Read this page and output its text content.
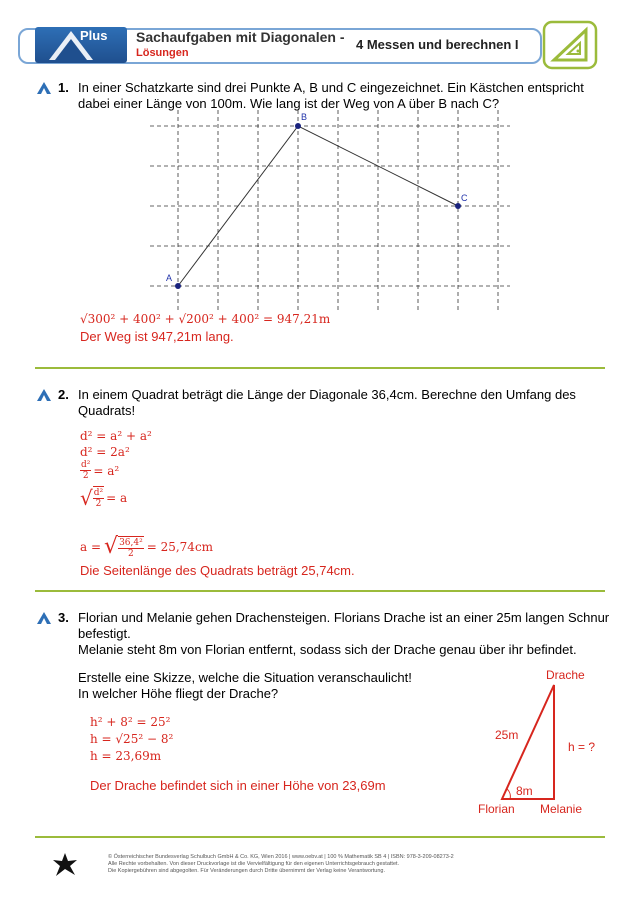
Plus Sachaufgaben mit Diagonalen -
Lösungen
4 Messen und berechnen I
1. In einer Schatzkarte sind drei Punkte A, B und C eingezeichnet. Ein Kästchen entspricht
dabei einer Länge von 100m. Wie lang ist der Weg von A über B nach C?
A
B
C
√300² + 400² + √200² + 400² = 947,21m
Der Weg ist 947,21m lang.
2. In einem Quadrat beträgt die Länge der Diagonale 36,4cm. Berechne den Umfang des
Quadrats!
d² = a² + a²
d² = 2a²
$\frac{\text{d²}}{2} = a^2$
√ $\frac{\text{d²}}{2} = a$
a = √ $\frac{\text{36,4²}}{2} = 25,74cm$
Die Seitenlänge des Quadrats beträgt 25,74cm.
3. Florian und Melanie gehen Drachensteigen. Florians Drache ist an einer 25m langen Schnur
befestigt.
Melanie steht 8m von Florian entfernt, sodass sich der Drache genau über ihr befindet.
Erstelle eine Skizze, welche die Situation veranschaulicht!
In welcher Höhe fliegt der Drache?
h² + 8² = 25²
h = √25² − 8²
h = 23,69m
Der Drache befindet sich in einer Höhe von 23,69m
Drache
25m
h = ?
8m
Florian Melanie
© Österreichischer Bundesverlag Schulbuch GmbH & Co. KG, Wien 2016 | www.oebv.at | 100 % Mathematik SB 4 | ISBN: 978-3-209-08273-2
Alle Rechte vorbehalten. Von dieser Druckvorlage ist die Vervielfältigung für den eigenen Unterrichtsgebrauch gestattet.
Die Kopiergebühren sind abgegolten. Für Veränderungen durch Dritte übernimmt der Verlag keine Verantwortung.
